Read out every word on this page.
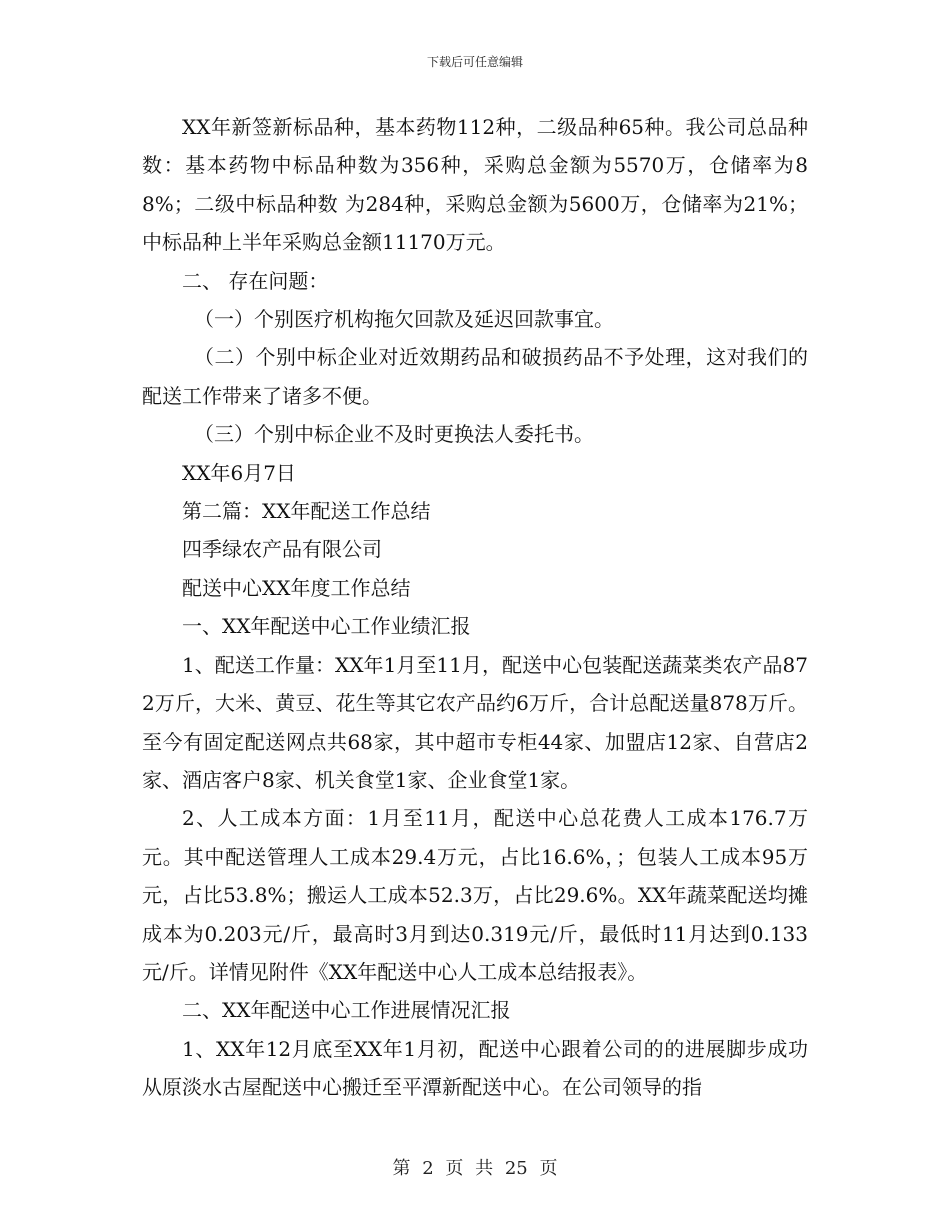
下载后可任意编辑

XX年新签新标品种，基本药物112种，二级品种65种。我公司总品种数：基本药物中标品种数为356种，采购总金额为5570万，仓储率为88%；二级中标品种数 为284种，采购总金额为5600万，仓储率为21%；中标品种上半年采购总金额11170万元。

二、 存在问题：

（一）个别医疗机构拖欠回款及延迟回款事宜。

（二）个别中标企业对近效期药品和破损药品不予处理，这对我们的配送工作带来了诸多不便。

（三）个别中标企业不及时更换法人委托书。

XX年6月7日

第二篇：XX年配送工作总结

四季绿农产品有限公司

配送中心XX年度工作总结

一、XX年配送中心工作业绩汇报

1、配送工作量：XX年1月至11月，配送中心包装配送蔬菜类农产品872万斤，大米、黄豆、花生等其它农产品约6万斤，合计总配送量878万斤。至今有固定配送网点共68家，其中超市专柜44家、加盟店12家、自营店2家、酒店客户8家、机关食堂1家、企业食堂1家。

2、人工成本方面：1月至11月，配送中心总花费人工成本176.7万元。其中配送管理人工成本29.4万元，占比16.6%，；包装人工成本95万元，占比53.8%；搬运人工成本52.3万，占比29.6%。XX年蔬菜配送均摊成本为0.203元/斤，最高时3月到达0.319元/斤，最低时11月达到0.133元/斤。详情见附件《XX年配送中心人工成本总结报表》。

二、XX年配送中心工作进展情况汇报

1、XX年12月底至XX年1月初，配送中心跟着公司的的进展脚步成功从原淡水古屋配送中心搬迁至平潭新配送中心。在公司领导的指

第 2 页 共 25 页
